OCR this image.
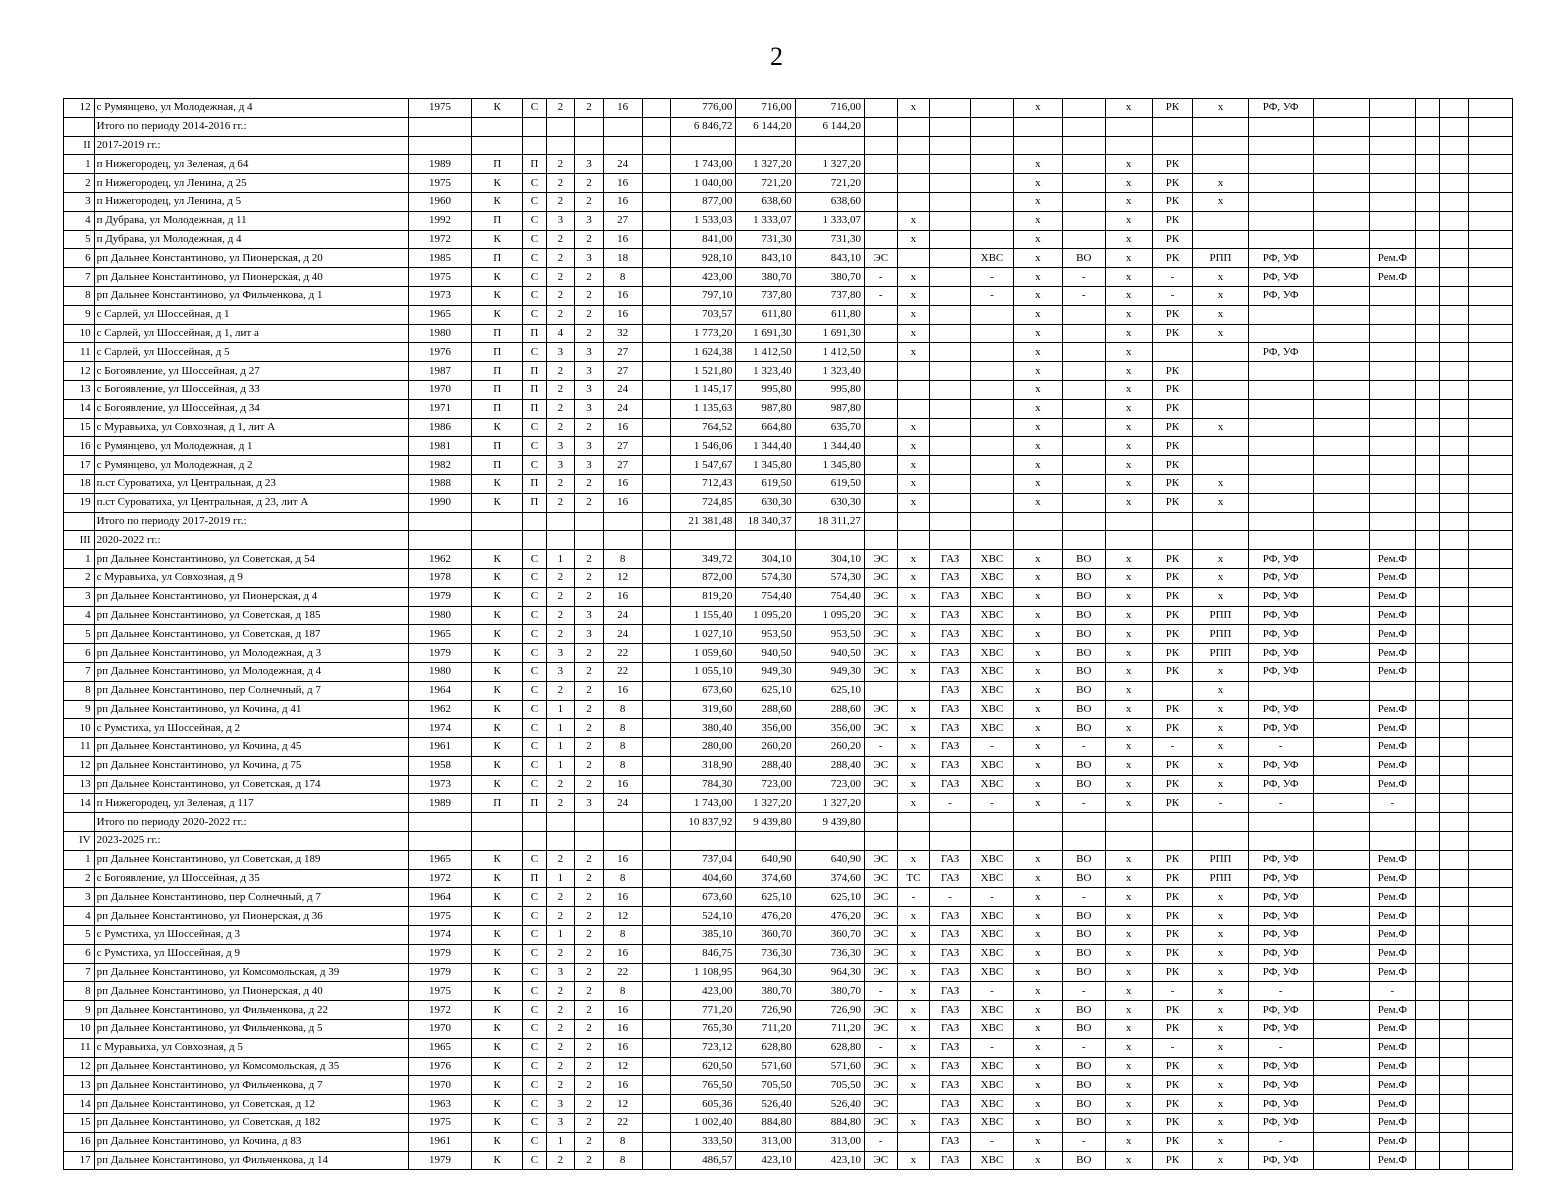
2
12	с Румянцево, ул Молодежная, д 4	1975	К	С	2	2	16		776,00	716,00	716,00		х			х		х	РК	х	РФ, УФ					
	Итого по периоду 2014-2016 гг.:								6 846,72	6 144,20	6 144,20															
II	2017-2019 гг.:																									
1	п Нижегородец, ул Зеленая, д 64	1989	П	П	2	3	24		1 743,00	1 327,20	1 327,20					х		х	РК							
2	п Нижегородец, ул Ленина, д 25	1975	К	С	2	2	16		1 040,00	721,20	721,20					х		х	РК	х						
3	п Нижегородец, ул Ленина, д 5	1960	К	С	2	2	16		877,00	638,60	638,60					х		х	РК	х						
4	п Дубрава, ул Молодежная, д 11	1992	П	С	3	3	27		1 533,03	1 333,07	1 333,07		х			х		х	РК							
5	п Дубрава, ул Молодежная, д 4	1972	К	С	2	2	16		841,00	731,30	731,30		х			х		х	РК							
6	рп Дальнее Константиново, ул Пионерская, д 20	1985	П	С	2	3	18		928,10	843,10	843,10	ЭС			ХВС	х	ВО	х	РК	РПП	РФ, УФ		Рем.Ф			
7	рп Дальнее Константиново, ул Пионерская, д 40	1975	К	С	2	2	8		423,00	380,70	380,70	-	х		-	х	-	х	-	х	РФ, УФ		Рем.Ф			
8	рп Дальнее Константиново, ул Фильченкова, д 1	1973	К	С	2	2	16		797,10	737,80	737,80	-	х		-	х	-	х	-	х	РФ, УФ					
9	с Сарлей, ул Шоссейная, д 1	1965	К	С	2	2	16		703,57	611,80	611,80		х			х		х	РК	х						
10	с Сарлей, ул Шоссейная, д 1, лит а	1980	П	П	4	2	32		1 773,20	1 691,30	1 691,30		х			х		х	РК	х						
11	с Сарлей, ул Шоссейная, д 5	1976	П	С	3	3	27		1 624,38	1 412,50	1 412,50		х			х		х			РФ, УФ					
12	с Богоявление, ул Шоссейная, д 27	1987	П	П	2	3	27		1 521,80	1 323,40	1 323,40					х		х	РК							
13	с Богоявление, ул Шоссейная, д 33	1970	П	П	2	3	24		1 145,17	995,80	995,80					х		х	РК							
14	с Богоявление, ул Шоссейная, д 34	1971	П	П	2	3	24		1 135,63	987,80	987,80					х		х	РК							
15	с Муравьиха, ул Совхозная, д 1, лит А	1986	К	С	2	2	16		764,52	664,80	635,70		х			х		х	РК	х						
16	с Румянцево, ул Молодежная, д 1	1981	П	С	3	3	27		1 546,06	1 344,40	1 344,40		х			х		х	РК							
17	с Румянцево, ул Молодежная, д 2	1982	П	С	3	3	27		1 547,67	1 345,80	1 345,80		х			х		х	РК							
18	п.ст Суроватиха, ул Центральная, д 23	1988	К	П	2	2	16		712,43	619,50	619,50		х			х		х	РК	х						
19	п.ст Суроватиха, ул Центральная, д 23, лит А	1990	К	П	2	2	16		724,85	630,30	630,30		х			х		х	РК	х						
	Итого по периоду 2017-2019 гг.:								21 381,48	18 340,37	18 311,27															
III	2020-2022 гг.:																									
1	рп Дальнее Константиново, ул Советская, д 54	1962	К	С	1	2	8		349,72	304,10	304,10	ЭС	х	ГАЗ	ХВС	х	ВО	х	РК	х	РФ, УФ		Рем.Ф			
2	с Муравьиха, ул Совхозная, д 9	1978	К	С	2	2	12		872,00	574,30	574,30	ЭС	х	ГАЗ	ХВС	х	ВО	х	РК	х	РФ, УФ		Рем.Ф			
3	рп Дальнее Константиново, ул Пионерская, д 4	1979	К	С	2	2	16		819,20	754,40	754,40	ЭС	х	ГАЗ	ХВС	х	ВО	х	РК	х	РФ, УФ		Рем.Ф			
4	рп Дальнее Константиново, ул Советская, д 185	1980	К	С	2	3	24		1 155,40	1 095,20	1 095,20	ЭС	х	ГАЗ	ХВС	х	ВО	х	РК	РПП	РФ, УФ		Рем.Ф			
5	рп Дальнее Константиново, ул Советская, д 187	1965	К	С	2	3	24		1 027,10	953,50	953,50	ЭС	х	ГАЗ	ХВС	х	ВО	х	РК	РПП	РФ, УФ		Рем.Ф			
6	рп Дальнее Константиново, ул Молодежная, д 3	1979	К	С	3	2	22		1 059,60	940,50	940,50	ЭС	х	ГАЗ	ХВС	х	ВО	х	РК	РПП	РФ, УФ		Рем.Ф			
7	рп Дальнее Константиново, ул Молодежная, д 4	1980	К	С	3	2	22		1 055,10	949,30	949,30	ЭС	х	ГАЗ	ХВС	х	ВО	х	РК	х	РФ, УФ		Рем.Ф			
8	рп Дальнее Константиново, пер Солнечный, д 7	1964	К	С	2	2	16		673,60	625,10	625,10			ГАЗ	ХВС	х	ВО	х		х						
9	рп Дальнее Константиново, ул Кочина, д 41	1962	К	С	1	2	8		319,60	288,60	288,60	ЭС	х	ГАЗ	ХВС	х	ВО	х	РК	х	РФ, УФ		Рем.Ф			
10	с Румстиха, ул Шоссейная, д 2	1974	К	С	1	2	8		380,40	356,00	356,00	ЭС	х	ГАЗ	ХВС	х	ВО	х	РК	х	РФ, УФ		Рем.Ф			
11	рп Дальнее Константиново, ул Кочина, д 45	1961	К	С	1	2	8		280,00	260,20	260,20	-	х	ГАЗ	-	х	-	х	-	х	-		Рем.Ф			
12	рп Дальнее Константиново, ул Кочина, д 75	1958	К	С	1	2	8		318,90	288,40	288,40	ЭС	х	ГАЗ	ХВС	х	ВО	х	РК	х	РФ, УФ		Рем.Ф			
13	рп Дальнее Константиново, ул Советская, д 174	1973	К	С	2	2	16		784,30	723,00	723,00	ЭС	х	ГАЗ	ХВС	х	ВО	х	РК	х	РФ, УФ		Рем.Ф			
14	п Нижегородец, ул Зеленая, д 117	1989	П	П	2	3	24		1 743,00	1 327,20	1 327,20		х	-	-	х	-	х	РК	-	-		-			
	Итого по периоду 2020-2022 гг.:								10 837,92	9 439,80	9 439,80															
IV	2023-2025 гг.:																									
1	рп Дальнее Константиново, ул Советская, д 189	1965	К	С	2	2	16		737,04	640,90	640,90	ЭС	х	ГАЗ	ХВС	х	ВО	х	РК	РПП	РФ, УФ		Рем.Ф			
2	с Богоявление, ул Шоссейная, д 35	1972	К	П	1	2	8		404,60	374,60	374,60	ЭС	ТС	ГАЗ	ХВС	х	ВО	х	РК	РПП	РФ, УФ		Рем.Ф			
3	рп Дальнее Константиново, пер Солнечный, д 7	1964	К	С	2	2	16		673,60	625,10	625,10	ЭС	-	-	-	х	-	х	РК	х	РФ, УФ		Рем.Ф			
4	рп Дальнее Константиново, ул Пионерская, д 36	1975	К	С	2	2	12		524,10	476,20	476,20	ЭС	х	ГАЗ	ХВС	х	ВО	х	РК	х	РФ, УФ		Рем.Ф			
5	с Румстиха, ул Шоссейная, д 3	1974	К	С	1	2	8		385,10	360,70	360,70	ЭС	х	ГАЗ	ХВС	х	ВО	х	РК	х	РФ, УФ		Рем.Ф			
6	с Румстиха, ул Шоссейная, д 9	1979	К	С	2	2	16		846,75	736,30	736,30	ЭС	х	ГАЗ	ХВС	х	ВО	х	РК	х	РФ, УФ		Рем.Ф			
7	рп Дальнее Константиново, ул Комсомольская, д 39	1979	К	С	3	2	22		1 108,95	964,30	964,30	ЭС	х	ГАЗ	ХВС	х	ВО	х	РК	х	РФ, УФ		Рем.Ф			
8	рп Дальнее Константиново, ул Пионерская, д 40	1975	К	С	2	2	8		423,00	380,70	380,70	-	х	ГАЗ	-	х	-	х	-	х	-		-			
9	рп Дальнее Константиново, ул Фильченкова, д 22	1972	К	С	2	2	16		771,20	726,90	726,90	ЭС	х	ГАЗ	ХВС	х	ВО	х	РК	х	РФ, УФ		Рем.Ф			
10	рп Дальнее Константиново, ул Фильченкова, д 5	1970	К	С	2	2	16		765,30	711,20	711,20	ЭС	х	ГАЗ	ХВС	х	ВО	х	РК	х	РФ, УФ		Рем.Ф			
11	с Муравьиха, ул Совхозная, д 5	1965	К	С	2	2	16		723,12	628,80	628,80	-	х	ГАЗ	-	х	-	х	-	х	-		Рем.Ф			
12	рп Дальнее Константиново, ул Комсомольская, д 35	1976	К	С	2	2	12		620,50	571,60	571,60	ЭС	х	ГАЗ	ХВС	х	ВО	х	РК	х	РФ, УФ		Рем.Ф			
13	рп Дальнее Константиново, ул Фильченкова, д 7	1970	К	С	2	2	16		765,50	705,50	705,50	ЭС	х	ГАЗ	ХВС	х	ВО	х	РК	х	РФ, УФ		Рем.Ф			
14	рп Дальнее Константиново, ул Советская, д 12	1963	К	С	3	2	12		605,36	526,40	526,40	ЭС		ГАЗ	ХВС	х	ВО	х	РК	х	РФ, УФ		Рем.Ф			
15	рп Дальнее Константиново, ул Советская, д 182	1975	К	С	3	2	22		1 002,40	884,80	884,80	ЭС	х	ГАЗ	ХВС	х	ВО	х	РК	х	РФ, УФ		Рем.Ф			
16	рп Дальнее Константиново, ул Кочина, д 83	1961	К	С	1	2	8		333,50	313,00	313,00	-		ГАЗ	-	х	-	х	РК	х	-		Рем.Ф			
17	рп Дальнее Константиново, ул Фильченкова, д 14	1979	К	С	2	2	8		486,57	423,10	423,10	ЭС	х	ГАЗ	ХВС	х	ВО	х	РК	х	РФ, УФ		Рем.Ф			
